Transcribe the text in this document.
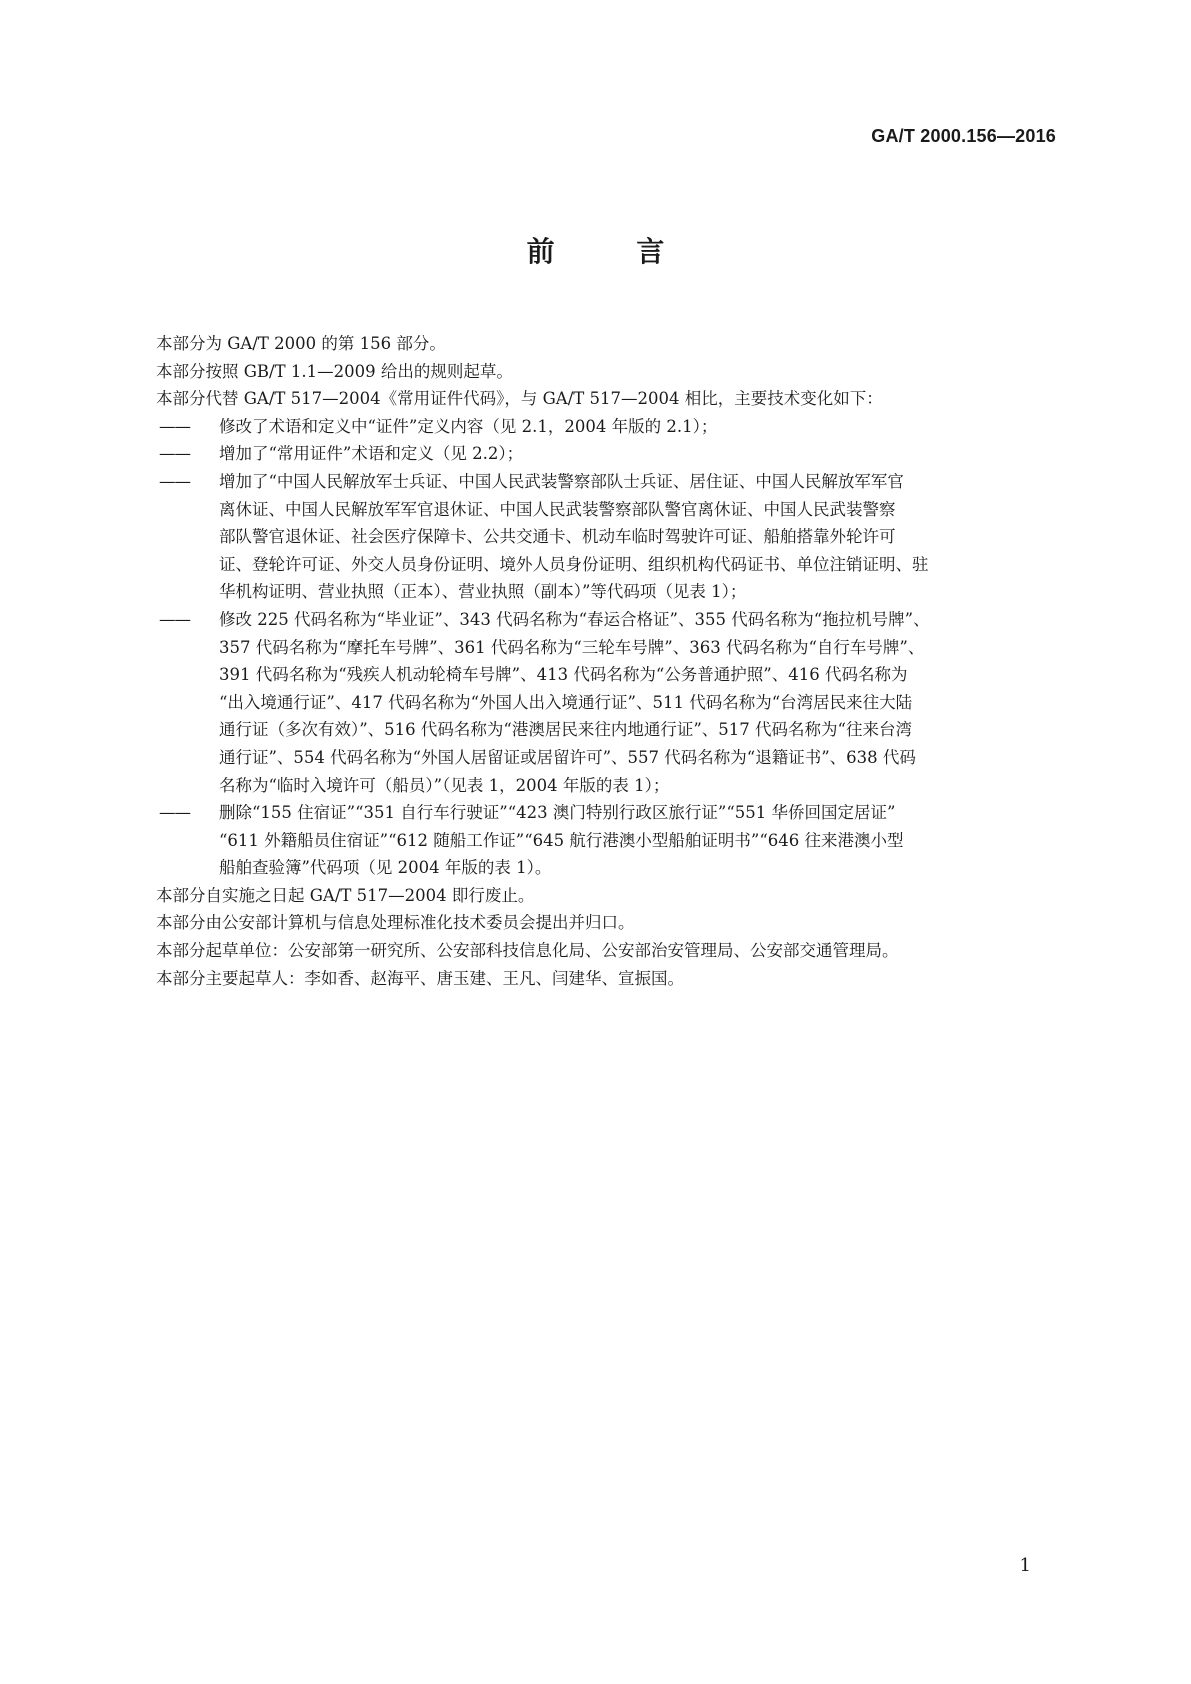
GA/T 2000.156—2016
前 言

本部分为 GA/T 2000 的第 156 部分。

本部分按照 GB/T 1.1—2009 给出的规则起草。

本部分代替 GA/T 517—2004《常用证件代码》，与 GA/T 517—2004 相比，主要技术变化如下：

—— 修改了术语和定义中“证件”定义内容（见 2.1，2004 年版的 2.1）；
—— 增加了“常用证件”术语和定义（见 2.2）；
—— 增加了“中国人民解放军士兵证、中国人民武装警察部队士兵证、居住证、中国人民解放军军官
离休证、中国人民解放军军官退休证、中国人民武装警察部队警官离休证、中国人民武装警察
部队警官退休证、社会医疗保障卡、公共交通卡、机动车临时驾驶许可证、船舶搭靠外轮许可
证、登轮许可证、外交人员身份证明、境外人员身份证明、组织机构代码证书、单位注销证明、驻
华机构证明、营业执照（正本）、营业执照（副本）”等代码项（见表 1）；
—— 修改 225 代码名称为“毕业证”、343 代码名称为“春运合格证”、355 代码名称为“拖拉机号牌”、
357 代码名称为“摩托车号牌”、361 代码名称为“三轮车号牌”、363 代码名称为“自行车号牌”、
391 代码名称为“残疾人机动轮椅车号牌”、413 代码名称为“公务普通护照”、416 代码名称为
“出入境通行证”、417 代码名称为“外国人出入境通行证”、511 代码名称为“台湾居民来往大陆
通行证（多次有效）”、516 代码名称为“港澳居民来往内地通行证”、517 代码名称为“往来台湾
通行证”、554 代码名称为“外国人居留证或居留许可”、557 代码名称为“退籍证书”、638 代码
名称为“临时入境许可（船员）”（见表 1，2004 年版的表 1）；
—— 删除“155 住宿证”“351 自行车行驶证”“423 澳门特别行政区旅行证”“551 华侨回国定居证”
“611 外籍船员住宿证”“612 随船工作证”“645 航行港澳小型船舶证明书”“646 往来港澳小型
船舶查验簿”代码项（见 2004 年版的表 1）。

本部分自实施之日起 GA/T 517—2004 即行废止。

本部分由公安部计算机与信息处理标准化技术委员会提出并归口。

本部分起草单位：公安部第一研究所、公安部科技信息化局、公安部治安管理局、公安部交通管理局。

本部分主要起草人：李如香、赵海平、唐玉建、王凡、闫建华、宣振国。

1
